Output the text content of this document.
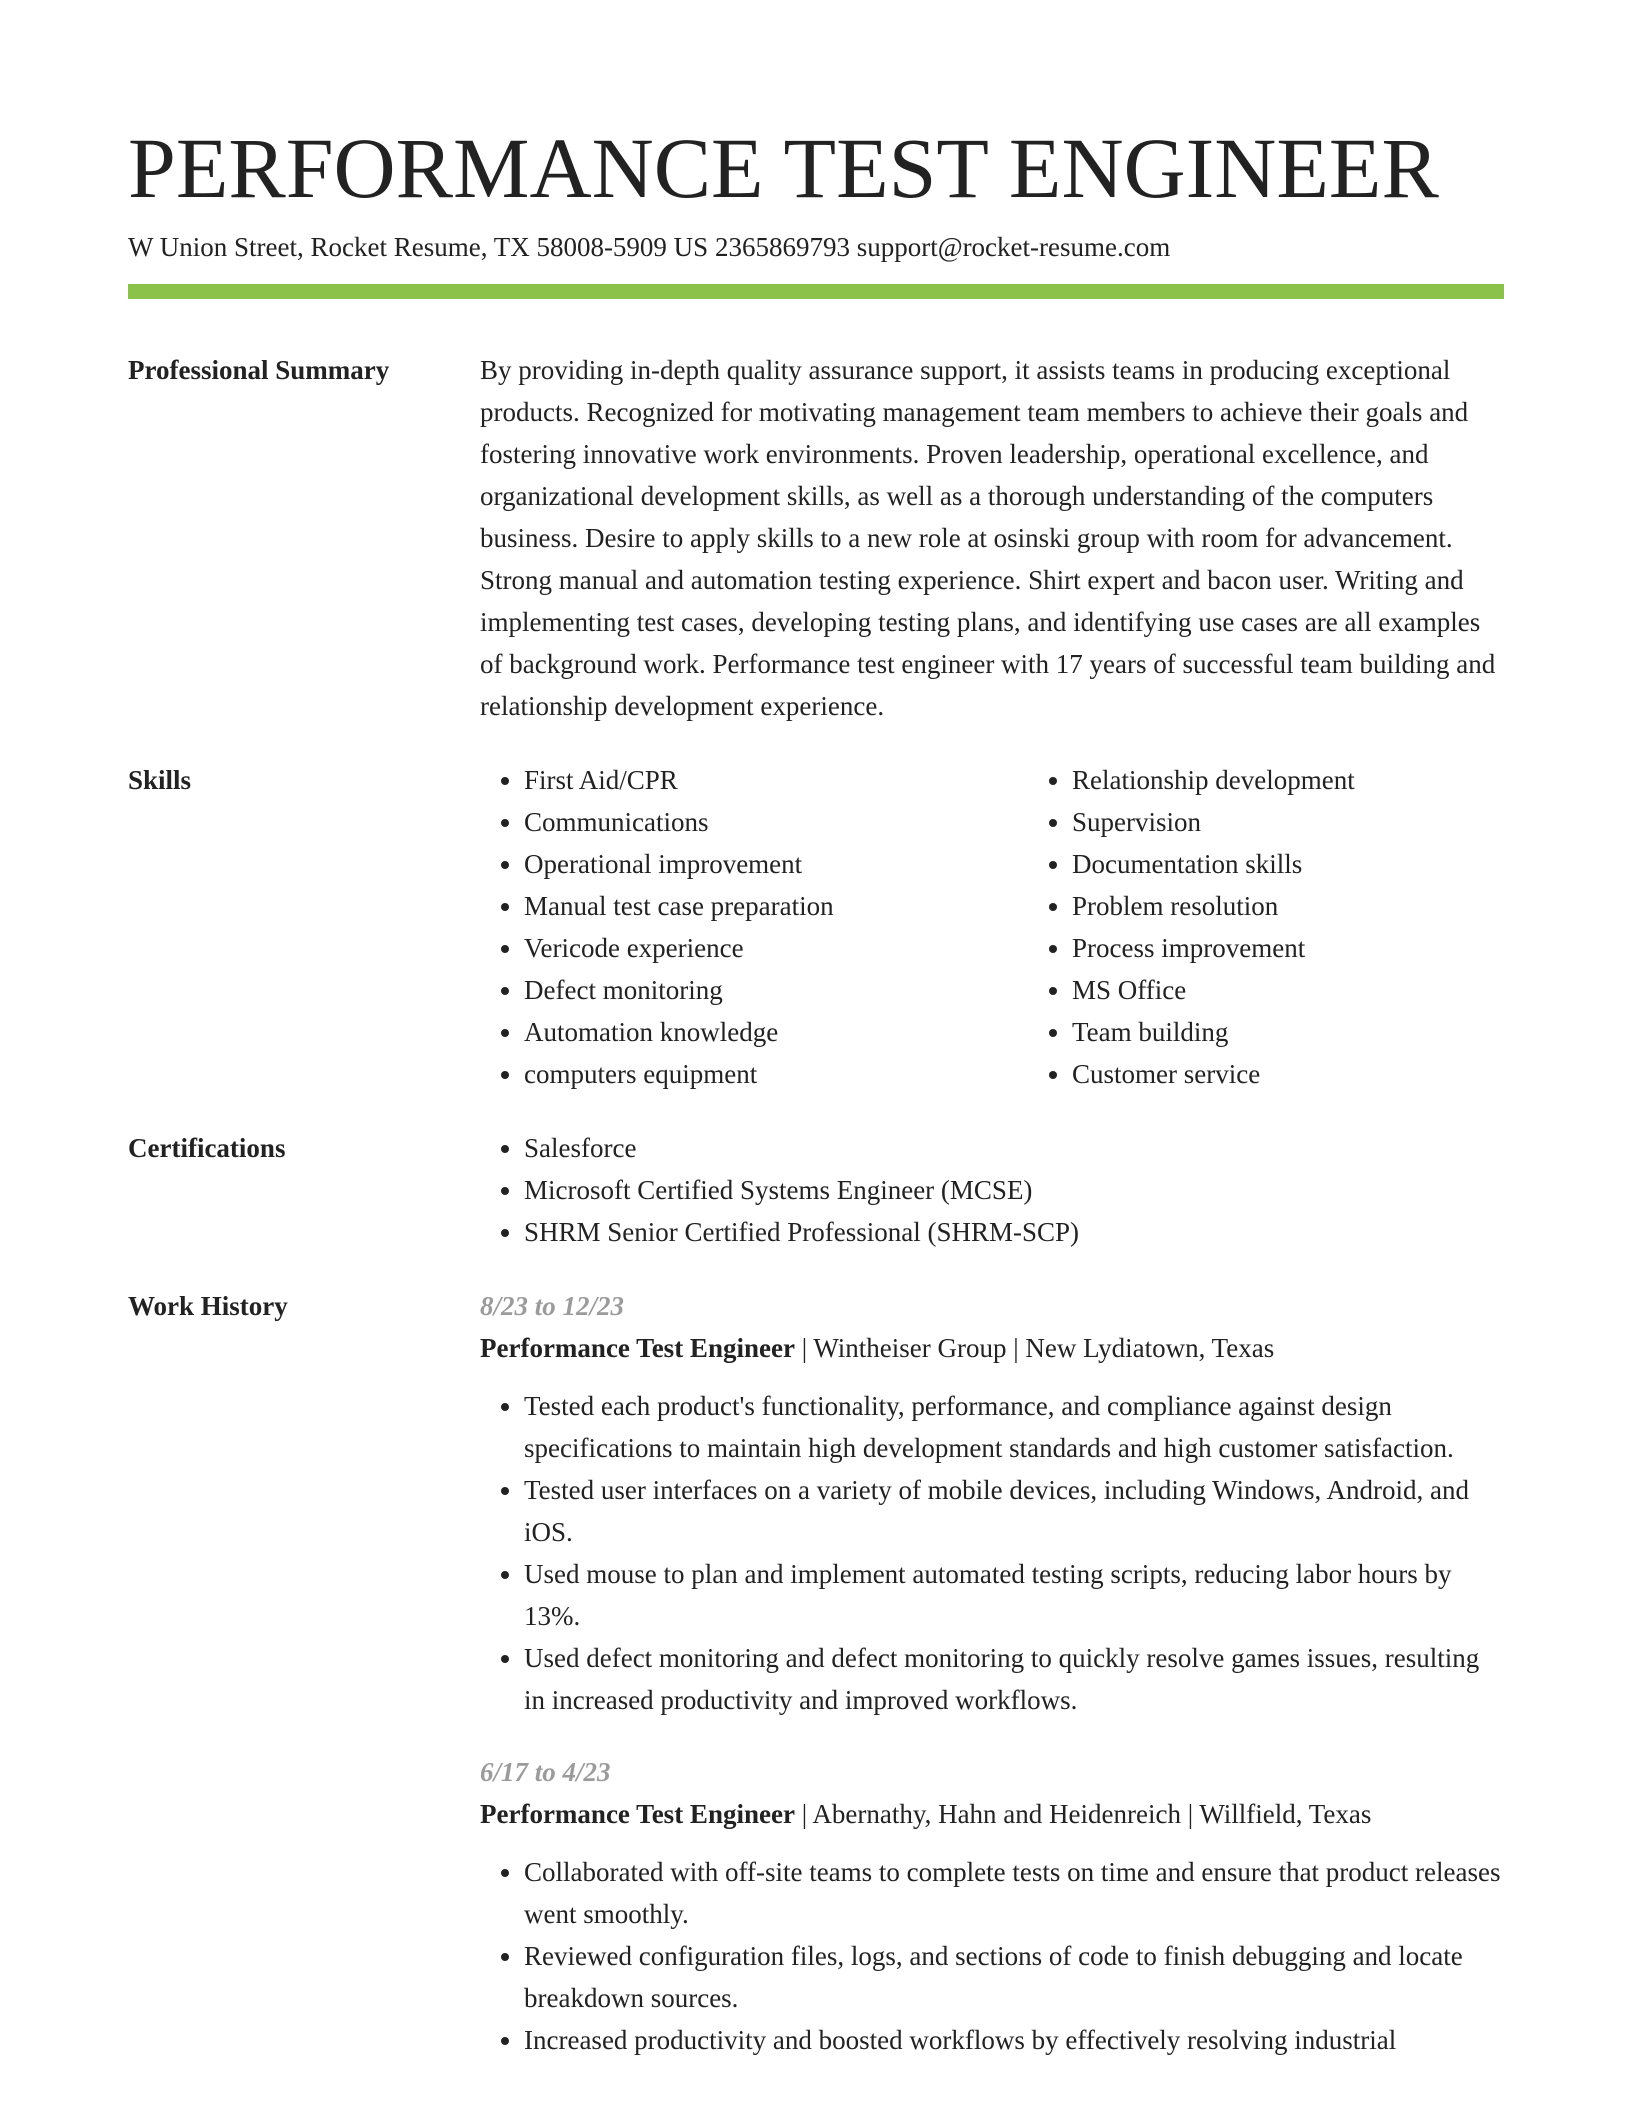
PERFORMANCE TEST ENGINEER
W Union Street, Rocket Resume, TX 58008-5909 US 2365869793 support@rocket-resume.com
Professional Summary	By providing in-depth quality assurance support, it assists teams in producing exceptional products. Recognized for motivating management team members to achieve their goals and fostering innovative work environments. Proven leadership, operational excellence, and organizational development skills, as well as a thorough understanding of the computers business. Desire to apply skills to a new role at osinski group with room for advancement. Strong manual and automation testing experience. Shirt expert and bacon user. Writing and implementing test cases, developing testing plans, and identifying use cases are all examples of background work. Performance test engineer with 17 years of successful team building and relationship development experience.
Skills	• First Aid/CPR
• Communications
• Operational improvement
• Manual test case preparation
• Vericode experience
• Defect monitoring
• Automation knowledge
• computers equipment
• Relationship development
• Supervision
• Documentation skills
• Problem resolution
• Process improvement
• MS Office
• Team building
• Customer service
Certifications	• Salesforce
• Microsoft Certified Systems Engineer (MCSE)
• SHRM Senior Certified Professional (SHRM-SCP)
Work History	8/23 to 12/23
Performance Test Engineer | Wintheiser Group | New Lydiatown, Texas
• Tested each product's functionality, performance, and compliance against design specifications to maintain high development standards and high customer satisfaction.
• Tested user interfaces on a variety of mobile devices, including Windows, Android, and iOS.
• Used mouse to plan and implement automated testing scripts, reducing labor hours by 13%.
• Used defect monitoring and defect monitoring to quickly resolve games issues, resulting in increased productivity and improved workflows.
6/17 to 4/23
Performance Test Engineer | Abernathy, Hahn and Heidenreich | Willfield, Texas
• Collaborated with off-site teams to complete tests on time and ensure that product releases went smoothly.
• Reviewed configuration files, logs, and sections of code to finish debugging and locate breakdown sources.
• Increased productivity and boosted workflows by effectively resolving industrial
